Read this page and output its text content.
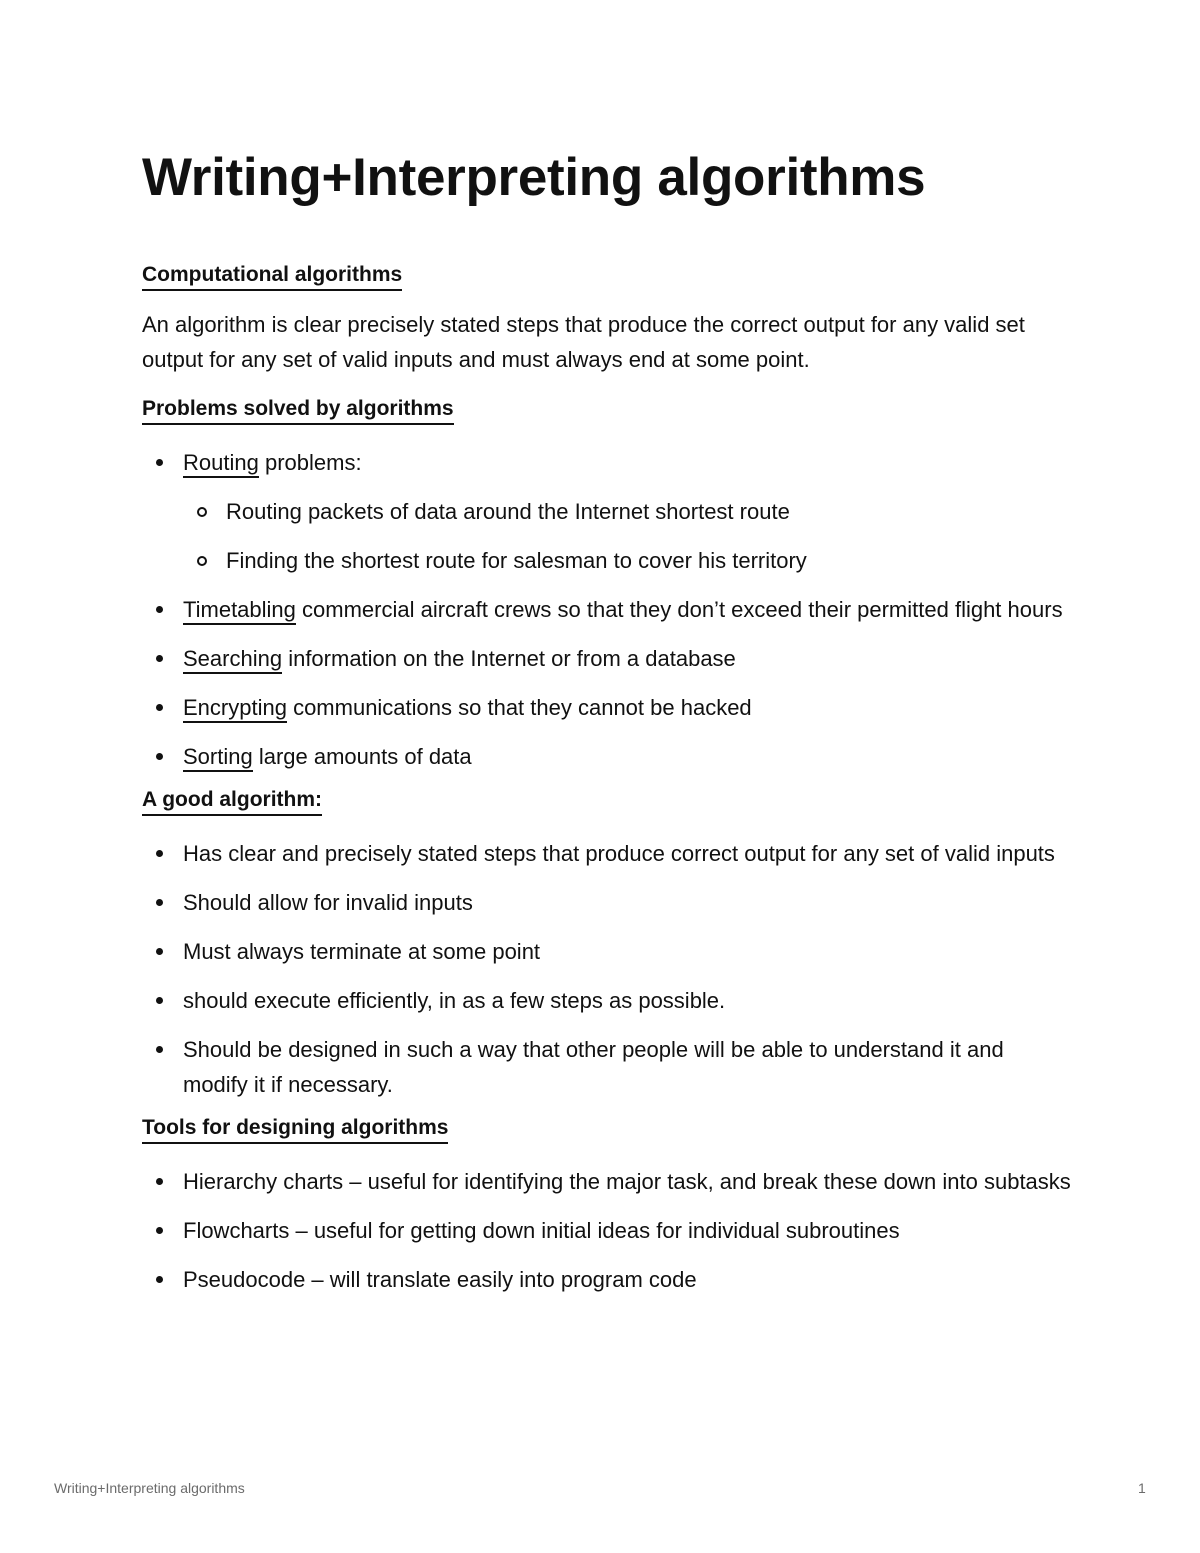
Writing+Interpreting algorithms
Computational algorithms

An algorithm is clear precisely stated steps that produce the correct output for any valid set output for any set of valid inputs and must always end at some point.

Problems solved by algorithms
Routing problems:
Routing packets of data around the Internet shortest route
Finding the shortest route for salesman to cover his territory
Timetabling commercial aircraft crews so that they don’t exceed their permitted flight hours
Searching information on the Internet or from a database
Encrypting communications so that they cannot be hacked
Sorting large amounts of data
A good algorithm:
Has clear and precisely stated steps that produce correct output for any set of valid inputs
Should allow for invalid inputs
Must always terminate at some point
should execute efficiently, in as a few steps as possible.
Should be designed in such a way that other people will be able to understand it and modify it if necessary.
Tools for designing algorithms
Hierarchy charts – useful for identifying the major task, and break these down into subtasks
Flowcharts – useful for getting down initial ideas for individual subroutines
Pseudocode – will translate easily into program code
Writing+Interpreting algorithms	1
